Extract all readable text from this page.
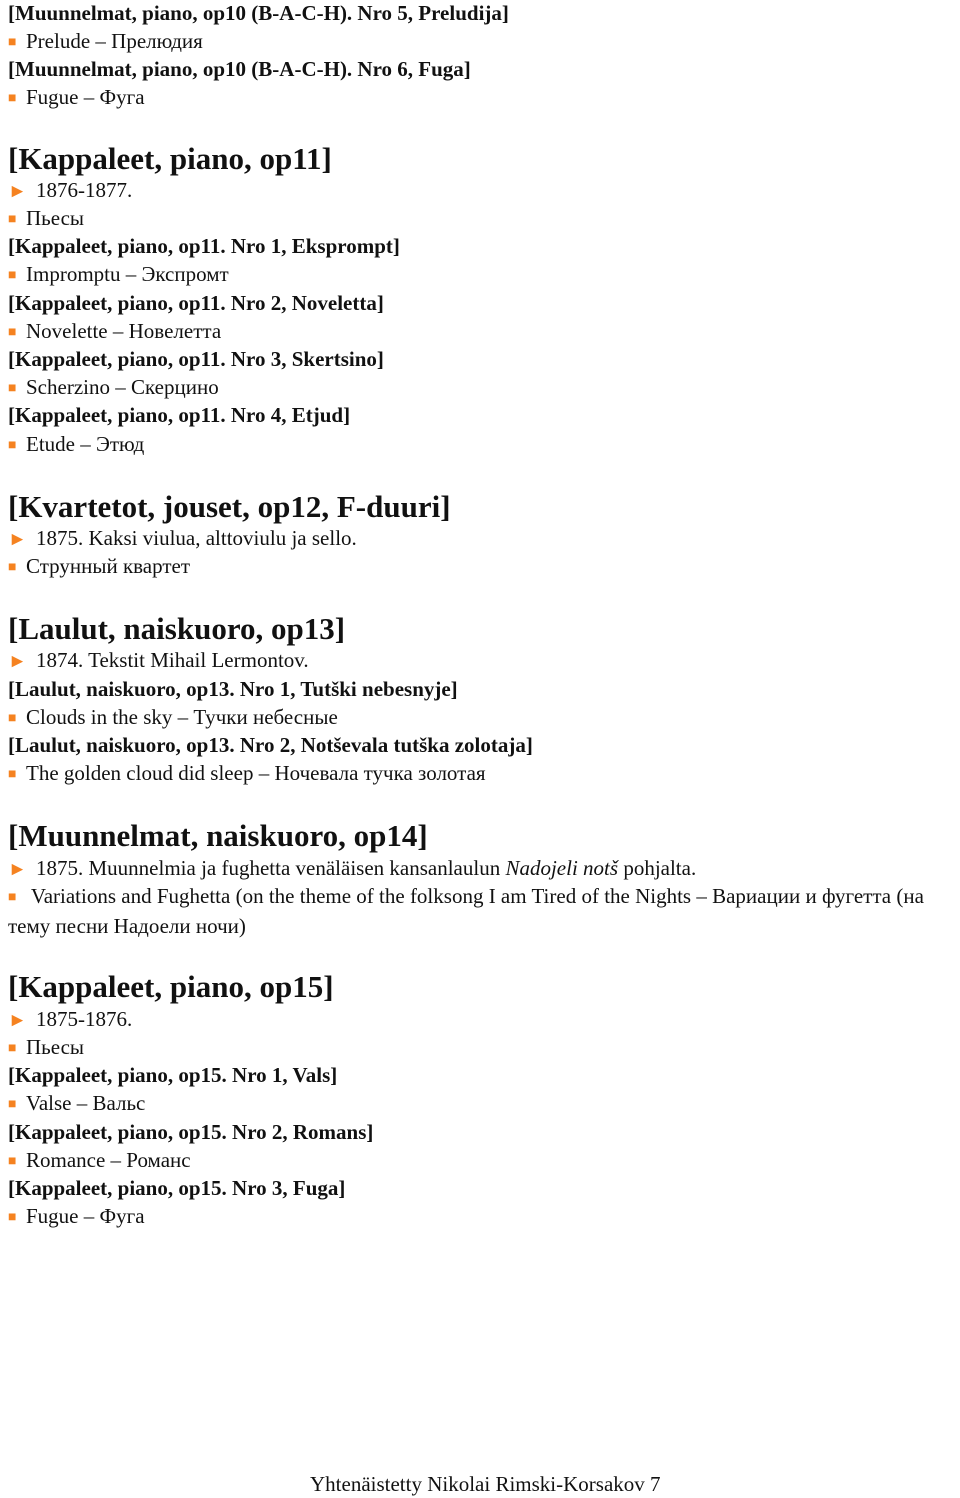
[Muunnelmat, piano, op10 (B-A-C-H). Nro 5, Preludija]
■ Prelude – Прелюдия
[Muunnelmat, piano, op10 (B-A-C-H). Nro 6, Fuga]
■ Fugue – Фуга
[Kappaleet, piano, op11]
► 1876-1877.
■ Пьесы
[Kappaleet, piano, op11. Nro 1, Eksprompt]
■ Impromptu – Экспромт
[Kappaleet, piano, op11. Nro 2, Noveletta]
■ Novelette – Новелетта
[Kappaleet, piano, op11. Nro 3, Skertsino]
■ Scherzino – Скерцино
[Kappaleet, piano, op11. Nro 4, Etjud]
■ Etude – Этюд
[Kvartetot, jouset, op12, F-duuri]
► 1875. Kaksi viulua, alttoviulu ja sello.
■ Струнный квартет
[Laulut, naiskuoro, op13]
► 1874. Tekstit Mihail Lermontov.
[Laulut, naiskuoro, op13. Nro 1, Tutški nebesnyje]
■ Clouds in the sky – Тучки небесные
[Laulut, naiskuoro, op13. Nro 2, Notševala tutška zolotaja]
■ The golden cloud did sleep – Ночевала тучка золотая
[Muunnelmat, naiskuoro, op14]
► 1875. Muunnelmia ja fughetta venäläisen kansanlaulun Nadojeli notš pohjalta.
■ Variations and Fughetta (on the theme of the folksong I am Tired of the Nights – Вариации и фугетта (на тему песни Надоели ночи)
[Kappaleet, piano, op15]
► 1875-1876.
■ Пьесы
[Kappaleet, piano, op15. Nro 1, Vals]
■ Valse – Вальс
[Kappaleet, piano, op15. Nro 2, Romans]
■ Romance – Романс
[Kappaleet, piano, op15. Nro 3, Fuga]
■ Fugue – Фуга
Yhtenäistetty Nikolai Rimski-Korsakov 7
